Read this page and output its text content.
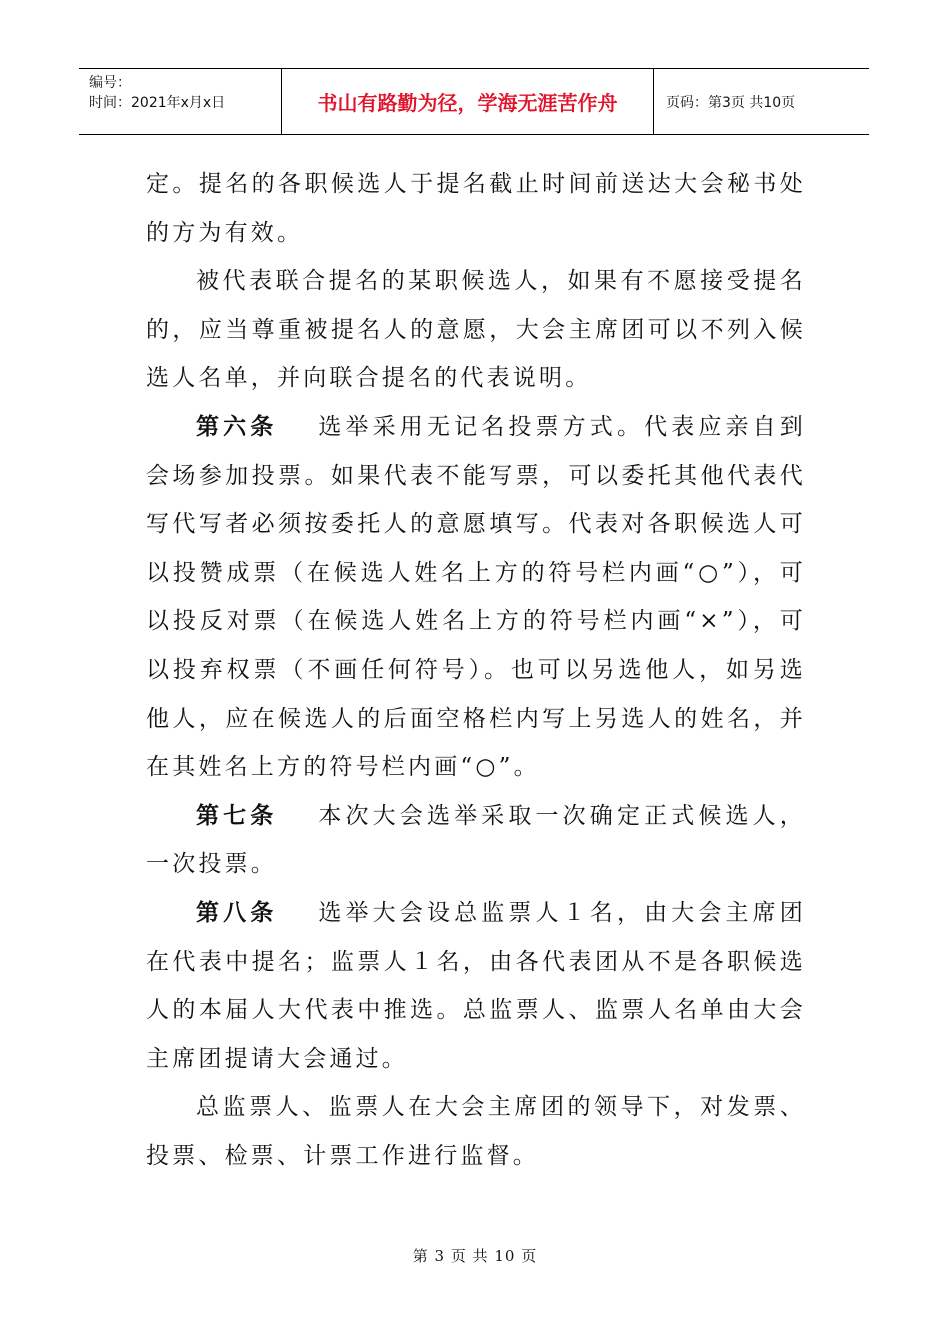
编号：
时间：2021年x月x日	书山有路勤为径，学海无涯苦作舟	页码：第3页 共10页

定。提名的各职候选人于提名截止时间前送达大会秘书处的方为有效。

被代表联合提名的某职候选人，如果有不愿接受提名的，应当尊重被提名人的意愿，大会主席团可以不列入候选人名单，并向联合提名的代表说明。

第六条 选举采用无记名投票方式。代表应亲自到会场参加投票。如果代表不能写票，可以委托其他代表代写代写者必须按委托人的意愿填写。代表对各职候选人可以投赞成票（在候选人姓名上方的符号栏内画“○”），可以投反对票（在候选人姓名上方的符号栏内画“×”），可以投弃权票（不画任何符号）。也可以另选他人，如另选他人，应在候选人的后面空格栏内写上另选人的姓名，并在其姓名上方的符号栏内画“○”。

第七条 本次大会选举采取一次确定正式候选人，一次投票。

第八条 选举大会设总监票人１名，由大会主席团在代表中提名；监票人１名，由各代表团从不是各职候选人的本届人大代表中推选。总监票人、监票人名单由大会主席团提请大会通过。

总监票人、监票人在大会主席团的领导下，对发票、投票、检票、计票工作进行监督。

第 3 页 共 10 页
